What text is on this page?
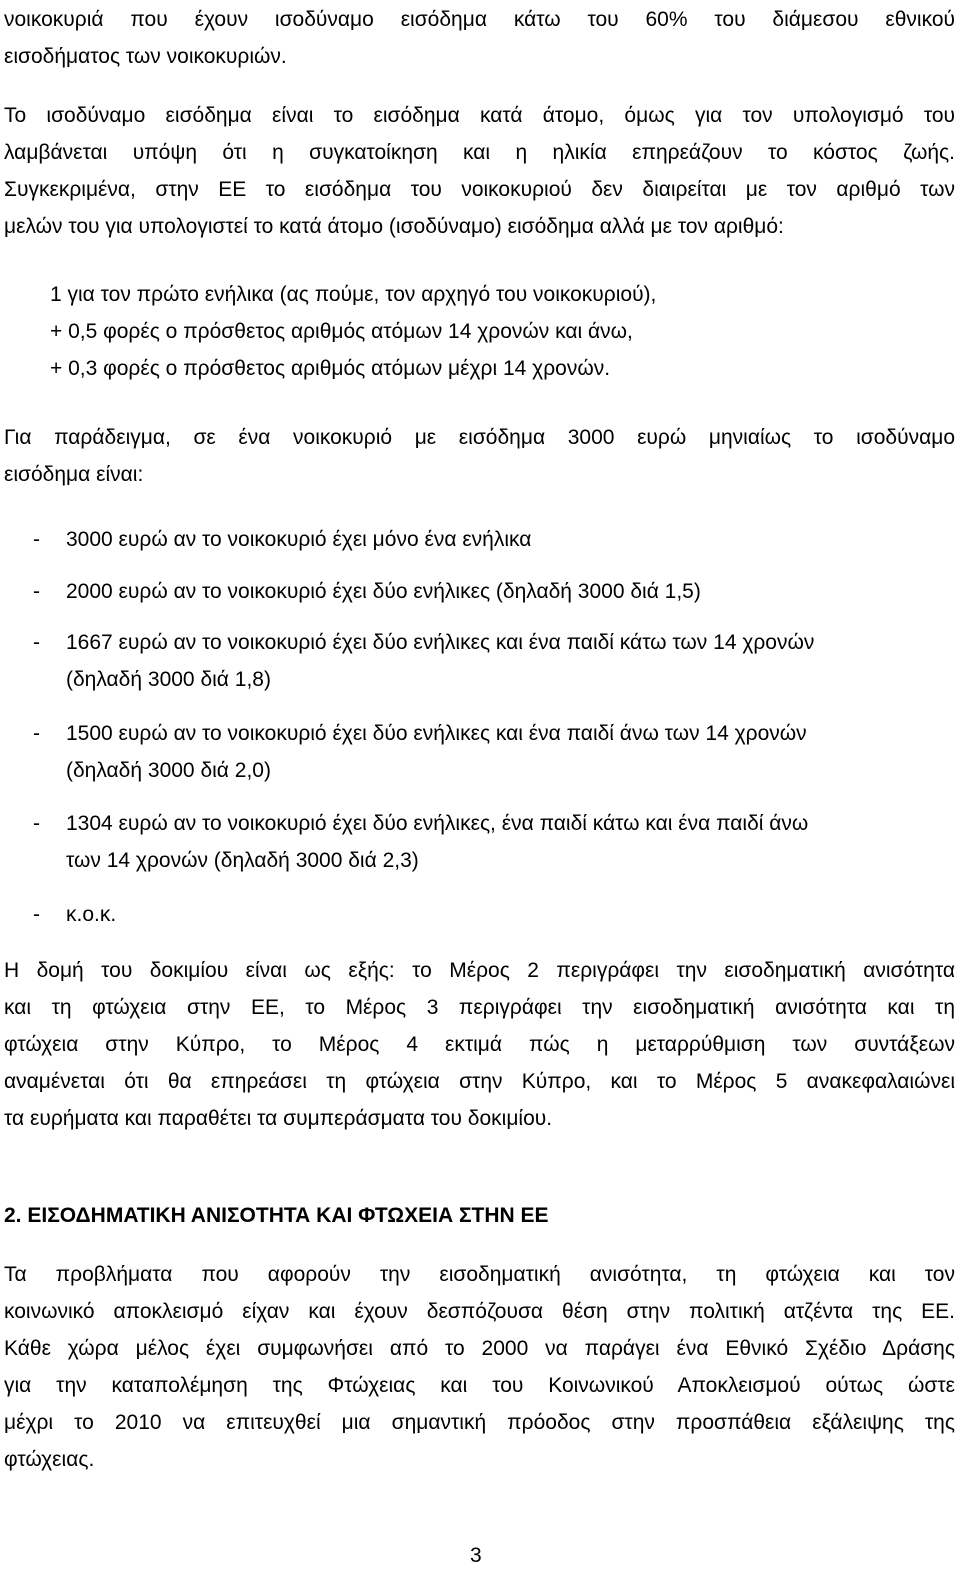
νοικοκυριά που έχουν ισοδύναμο εισόδημα κάτω του 60% του διάμεσου εθνικού
εισοδήματος των νοικοκυριών.
Το ισοδύναμο εισόδημα είναι το εισόδημα κατά άτομο, όμως για τον υπολογισμό του
λαμβάνεται υπόψη ότι η συγκατοίκηση και η ηλικία επηρεάζουν το κόστος ζωής.
Συγκεκριμένα, στην ΕΕ το εισόδημα του νοικοκυριού δεν διαιρείται με τον αριθμό των
μελών του για υπολογιστεί το κατά άτομο (ισοδύναμο) εισόδημα αλλά με τον αριθμό:
1 για τον πρώτο ενήλικα (ας πούμε, τον αρχηγό του νοικοκυριού),
+ 0,5 φορές ο πρόσθετος αριθμός ατόμων 14 χρονών και άνω,
+ 0,3 φορές ο πρόσθετος αριθμός ατόμων μέχρι 14 χρονών.
Για παράδειγμα, σε ένα νοικοκυριό με εισόδημα 3000 ευρώ μηνιαίως το ισοδύναμο
εισόδημα είναι:
- 3000 ευρώ αν το νοικοκυριό έχει μόνο ένα ενήλικα
- 2000 ευρώ αν το νοικοκυριό έχει δύο ενήλικες (δηλαδή 3000 διά 1,5)
- 1667 ευρώ αν το νοικοκυριό έχει δύο ενήλικες και ένα παιδί κάτω των 14 χρονών
(δηλαδή 3000 διά 1,8)
- 1500 ευρώ αν το νοικοκυριό έχει δύο ενήλικες και ένα παιδί άνω των 14 χρονών
(δηλαδή 3000 διά 2,0)
- 1304 ευρώ αν το νοικοκυριό έχει δύο ενήλικες, ένα παιδί κάτω και ένα παιδί άνω
των 14 χρονών (δηλαδή 3000 διά 2,3)
- κ.ο.κ.
Η δομή του δοκιμίου είναι ως εξής: το Μέρος 2 περιγράφει την εισοδηματική ανισότητα
και τη φτώχεια στην ΕΕ, το Μέρος 3 περιγράφει την εισοδηματική ανισότητα και τη
φτώχεια στην Κύπρο, το Μέρος 4 εκτιμά πώς η μεταρρύθμιση των συντάξεων
αναμένεται ότι θα επηρεάσει τη φτώχεια στην Κύπρο, και το Μέρος 5 ανακεφαλαιώνει
τα ευρήματα και παραθέτει τα συμπεράσματα του δοκιμίου.
2. ΕΙΣΟΔΗΜΑΤΙΚΗ ΑΝΙΣΟΤΗΤΑ ΚΑΙ ΦΤΩΧΕΙΑ ΣΤΗΝ ΕΕ
Τα προβλήματα που αφορούν την εισοδηματική ανισότητα, τη φτώχεια και τον
κοινωνικό αποκλεισμό είχαν και έχουν δεσπόζουσα θέση στην πολιτική ατζέντα της ΕΕ.
Κάθε χώρα μέλος έχει συμφωνήσει από το 2000 να παράγει ένα Εθνικό Σχέδιο Δράσης
για την καταπολέμηση της Φτώχειας και του Κοινωνικού Αποκλεισμού ούτως ώστε
μέχρι το 2010 να επιτευχθεί μια σημαντική πρόοδος στην προσπάθεια εξάλειψης της
φτώχειας.
3
